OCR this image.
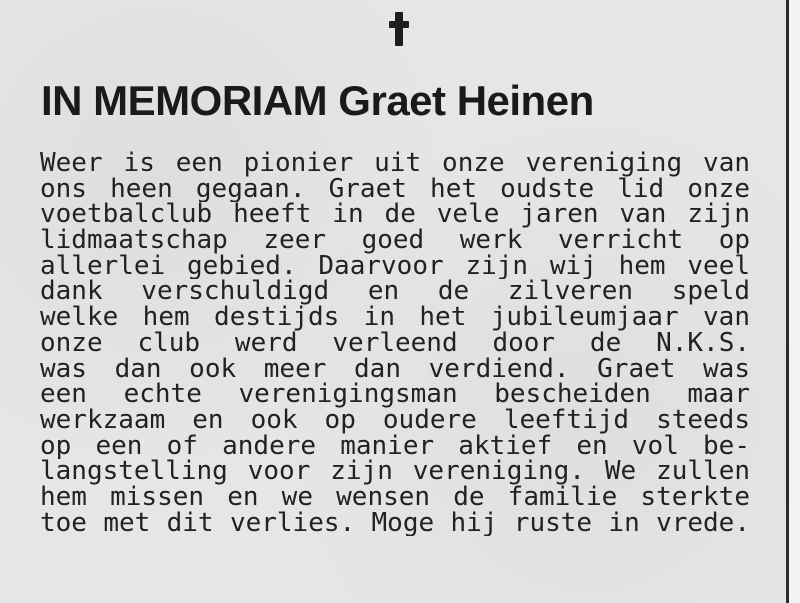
IN MEMORIAM Graet Heinen
Weer is een pionier uit onze vereniging van
ons heen gegaan. Graet het oudste lid onze
voetbalclub heeft in de vele jaren van zijn
lidmaatschap zeer goed werk verricht op
allerlei gebied. Daarvoor zijn wij hem veel
dank verschuldigd en de zilveren speld
welke hem destijds in het jubileumjaar van
onze club werd verleend door de N.K.S.
was dan ook meer dan verdiend. Graet was
een echte verenigingsman bescheiden maar
werkzaam en ook op oudere leeftijd steeds
op een of andere manier aktief en vol be-
langstelling voor zijn vereniging. We zullen
hem missen en we wensen de familie sterkte
toe met dit verlies. Moge hij ruste in vrede.
